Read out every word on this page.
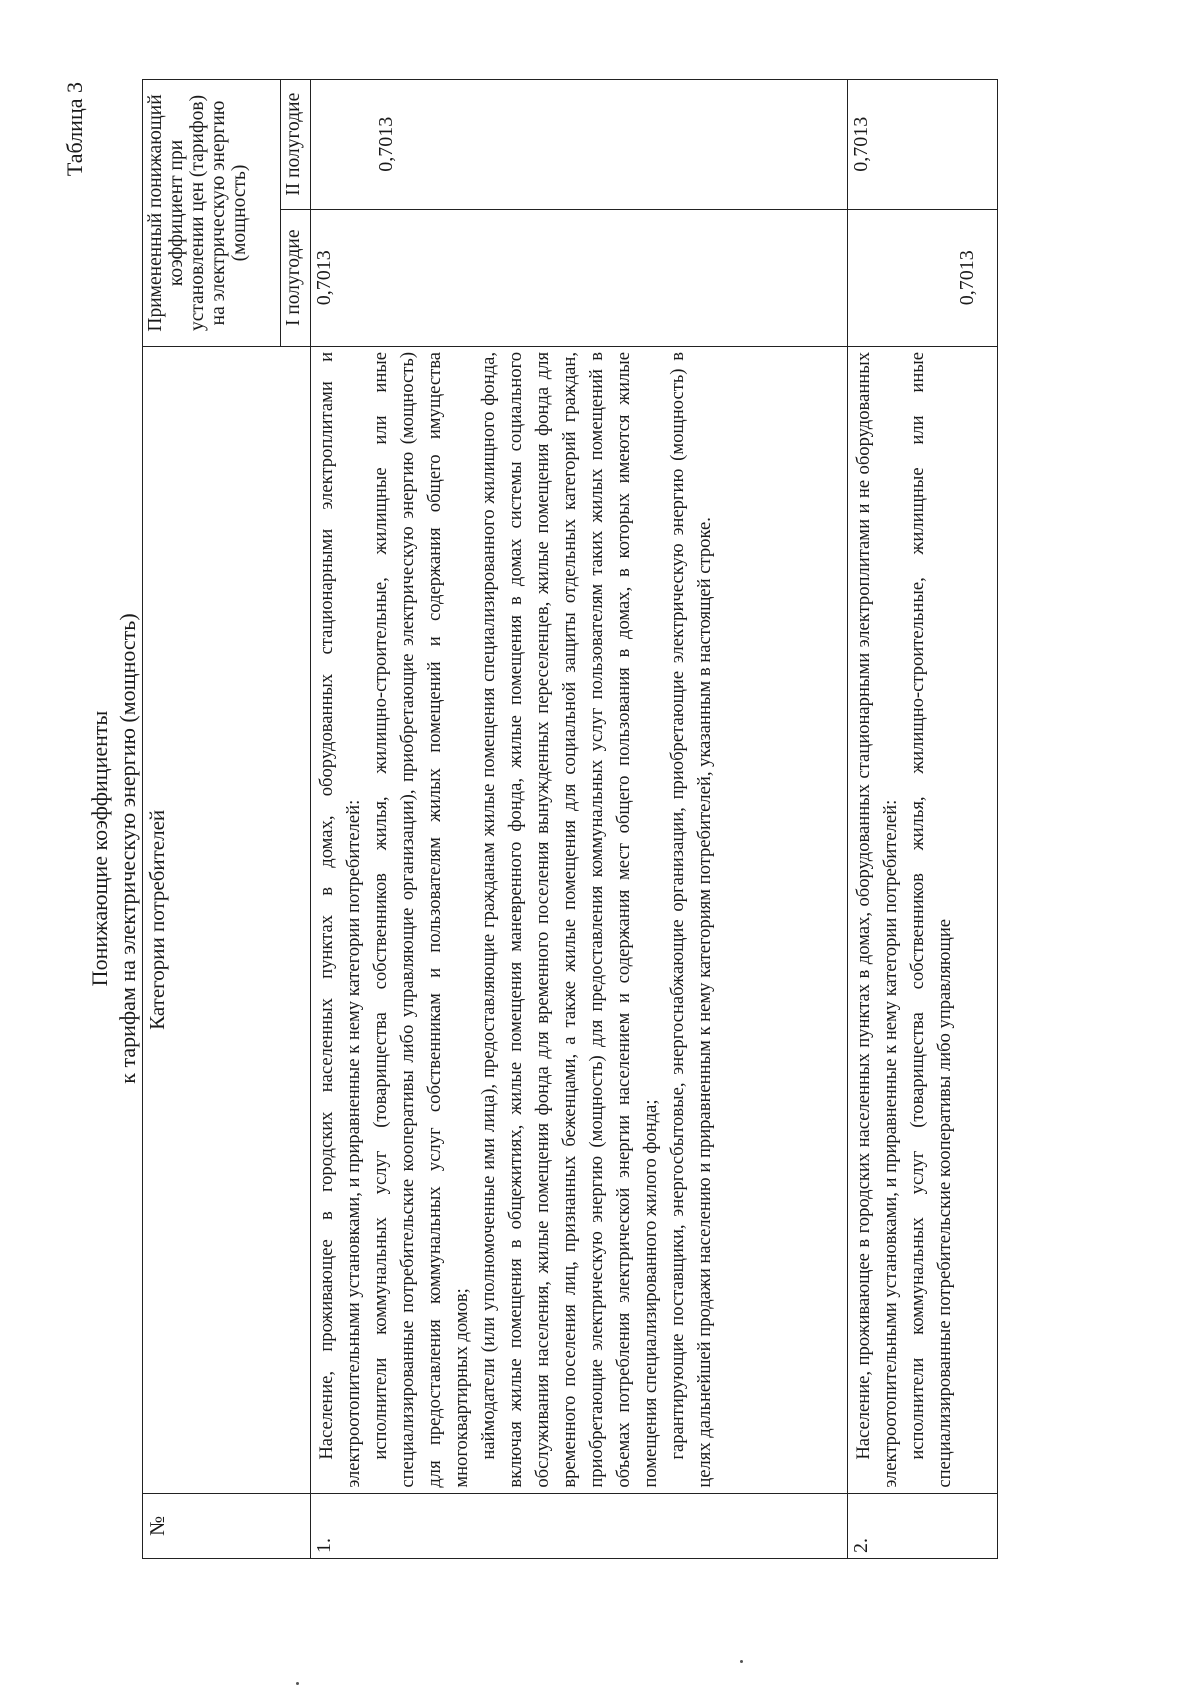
Таблица 3
Понижающие коэффициенты к тарифам на электрическую энергию (мощность)
№	Категории потребителей	Примененный понижающий коэффициент при установлении цен (тарифов) на электрическую энергию (мощность)	
		I полугодие	II полугодие
1.	Население, проживающее в городских населенных пунктах в домах, оборудованных стационарными электроплитами и электроотопительными установками, и приравненные к нему категории потребителей: исполнители коммунальных услуг (товарищества собственников жилья, жилищно-строительные, жилищные или иные специализированные потребительские кооперативы либо управляющие организации), приобретающие электрическую энергию (мощность) для предоставления коммунальных услуг собственникам и пользователям жилых помещений и содержания общего имущества многоквартирных домов; наймодатели (или уполномоченные ими лица), предоставляющие гражданам жилые помещения специализированного жилищного фонда, включая жилые помещения в общежитиях, жилые помещения маневренного фонда, жилые помещения в домах системы социального обслуживания населения, жилые помещения фонда для временного поселения вынужденных переселенцев, жилые помещения фонда для временного поселения лиц, признанных беженцами, а также жилые помещения для социальной защиты отдельных категорий граждан, приобретающие электрическую энергию (мощность) для предоставления коммунальных услуг пользователям таких жилых помещений в объемах потребления электрической энергии населением и содержания мест общего пользования в домах, в которых имеются жилые помещения специализированного жилого фонда; гарантирующие поставщики, энергосбытовые, энергоснабжающие организации, приобретающие электрическую энергию (мощность) в целях дальнейшей продажи населению и приравненным к нему категориям потребителей, указанным в настоящей строке.	0,7013	0,7013
2.	Население, проживающее в городских населенных пунктах в домах, оборудованных стационарными электроплитами и не оборудованных электроотопительными установками, и приравненные к нему категории потребителей: исполнители коммунальных услуг (товарищества собственников жилья, жилищно-строительные, жилищные или иные специализированные потребительские кооперативы либо управляющие	0,7013	0,7013
